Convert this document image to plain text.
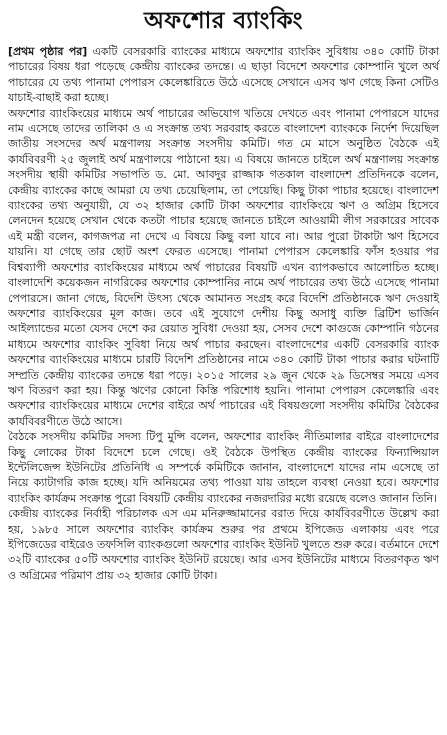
অফশোর ব্যাংকিং

[প্রথম পৃষ্ঠার পর] একটি বেসরকারি ব্যাংকের মাধ্যমে অফশোর ব্যাংকিং সুবিধায় ৩৪০ কোটি টাকা পাচারের বিষয় ধরা পড়েছে কেন্দ্রীয় ব্যাংকের তদন্তে। এ ছাড়া বিদেশে অফশোর কোম্পানি খুলে অর্থ পাচারের যে তথ্য পানামা পেপারস কেলেঙ্কারিতে উঠে এসেছে সেখানে এসব ঋণ গেছে কিনা সেটিও যাচাই-বাছাই করা হচ্ছে।

অফশোর ব্যাংকিংয়ের মাধ্যমে অর্থ পাচারের অভিযোগ খতিয়ে দেখতে এবং পানামা পেপারসে যাদের নাম এসেছে তাদের তালিকা ও এ সংক্রান্ত তথ্য সরবরাহ করতে বাংলাদেশ ব্যাংককে নির্দেশ দিয়েছিল জাতীয় সংসদের অর্থ মন্ত্রণালয় সংক্রান্ত সংসদীয় কমিটি। গত মে মাসে অনুষ্ঠিত বৈঠকে এই কার্যবিবরণী ২৫ জুলাই অর্থ মন্ত্রণালয়ে পাঠানো হয়। এ বিষয়ে জানতে চাইলে অর্থ মন্ত্রণালয় সংক্রান্ত সংসদীয় স্থায়ী কমিটির সভাপতি ড. মো. আবদুর রাজ্জাক গতকাল বাংলাদেশ প্রতিদিনকে বলেন, কেন্দ্রীয় ব্যাংকের কাছে আমরা যে তথ্য চেয়েছিলাম, তা পেয়েছি। কিছু টাকা পাচার হয়েছে। বাংলাদেশ ব্যাংকের তথ্য অনুযায়ী, যে ৩২ হাজার কোটি টাকা অফশোর ব্যাংকিংয়ে ঋণ ও অগ্রিম হিসেবে লেনদেন হয়েছে সেখান থেকে কতটা পাচার হয়েছে জানতে চাইলে আওয়ামী লীগ সরকারের সাবেক এই মন্ত্রী বলেন, কাগজপত্র না দেখে এ বিষয়ে কিছু বলা যাবে না। আর পুরো টাকাটা ঋণ হিসেবে যায়নি। যা গেছে তার ছোট অংশ ফেরত এসেছে। পানামা পেপারস কেলেঙ্কারি ফাঁস হওয়ার পর বিশ্বব্যাপী অফশোর ব্যাংকিংয়ের মাধ্যমে অর্থ পাচারের বিষয়টি এখন ব্যাপকভাবে আলোচিত হচ্ছে। বাংলাদেশি কয়েকজন নাগরিকের অফশোর কোম্পানির নামে অর্থ পাচারের তথ্য উঠে এসেছে পানামা পেপারসে। জানা গেছে, বিদেশি উৎস্য থেকে আমানত সংগ্রহ করে বিদেশি প্রতিষ্ঠানকে ঋণ দেওয়াই অফশোর ব্যাংকিংয়ের মূল কাজ। তবে এই সুযোগে দেশীয় কিছু অসাধু ব্যক্তি ব্রিটিশ ভার্জিন আইল্যান্ডের মতো যেসব দেশে কর রেয়াত সুবিধা দেওয়া হয়, সেসব দেশে কাগুজে কোম্পানি গঠনের মাধ্যমে অফশোর ব্যাংকিং সুবিধা নিয়ে অর্থ পাচার করছেন। বাংলাদেশের একটি বেসরকারি ব্যাংক অফশোর ব্যাংকিংয়ের মাধ্যমে চারটি বিদেশি প্রতিষ্ঠানের নামে ৩৪০ কোটি টাকা পাচার করার ঘটনাটি সম্প্রতি কেন্দ্রীয় ব্যাংকের তদন্তে ধরা পড়ে। ২০১৫ সালের ২৯ জুন থেকে ২৯ ডিসেম্বর সময়ে এসব ঋণ বিতরণ করা হয়। কিন্তু ঋণের কোনো কিস্তি পরিশোধ হয়নি। পানামা পেপারস কেলেঙ্কারি এবং অফশোর ব্যাংকিংয়ের মাধ্যমে দেশের বাইরে অর্থ পাচারের এই বিষয়গুলো সংসদীয় কমিটির বৈঠকের কার্যবিবরণীতে উঠে আসে।

বৈঠকে সংসদীয় কমিটির সদস্য টিপু মুন্সি বলেন, অফশোর ব্যাংকিং নীতিমালার বাইরে বাংলাদেশের কিছু লোকের টাকা বিদেশে চলে গেছে। ওই বৈঠকে উপস্থিত কেন্দ্রীয় ব্যাংকের ফিন্যান্সিয়াল ইন্টেলিজেন্স ইউনিটের প্রতিনিধি এ সম্পর্কে কমিটিকে জানান, বাংলাদেশে যাদের নাম এসেছে তা নিয়ে ক্যাটাগরি কাজ হচ্ছে। যদি অনিয়মের তথ্য পাওয়া যায় তাহলে ব্যবস্থা নেওয়া হবে। অফশোর ব্যাংকিং কার্যক্রম সংক্রান্ত পুরো বিষয়টি কেন্দ্রীয় ব্যাংকের নজরদারির মধ্যে রয়েছে বলেও জানান তিনি।

কেন্দ্রীয় ব্যাংকের নির্বাহী পরিচালক এস এম মনিরুজ্জামানের বরাত দিয়ে কার্যবিবরণীতে উল্লেখ করা হয়, ১৯৮৫ সালে অফশোর ব্যাংকিং কার্যক্রম শুরুর পর প্রথমে ইপিজেড এলাকায় এবং পরে ইপিজেডের বাইরেও তফসিলি ব্যাংকগুলো অফশোর ব্যাংকিং ইউনিট খুলতে শুরু করে। বর্তমানে দেশে ৩২টি ব্যাংকের ৫০টি অফশোর ব্যাংকিং ইউনিট রয়েছে। আর এসব ইউনিটের মাধ্যমে বিতরণকৃত ঋণ ও অগ্রিমের পরিমাণ প্রায় ৩২ হাজার কোটি টাকা।
